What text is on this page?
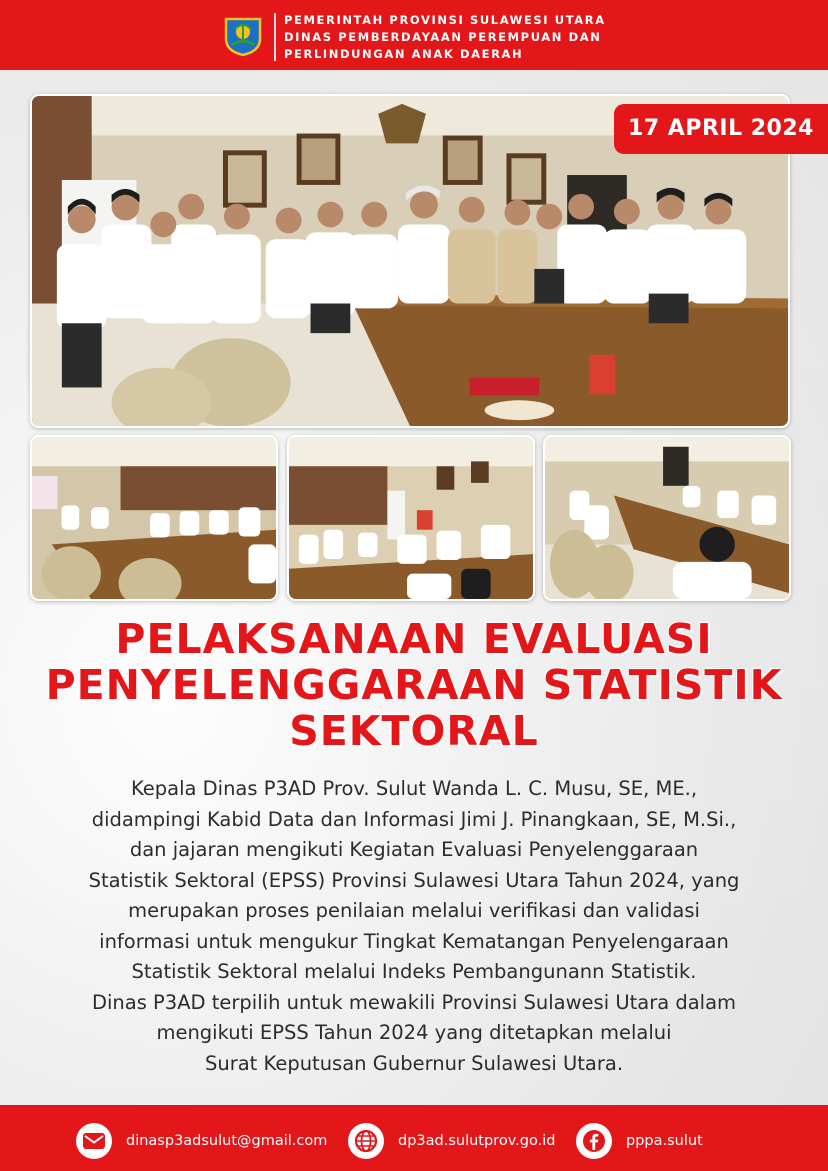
PEMERINTAH PROVINSI SULAWESI UTARA
DINAS PEMBERDAYAAN PEREMPUAN DAN
PERLINDUNGAN ANAK DAERAH
17 APRIL 2024
PELAKSANAAN EVALUASI
PENYELENGGARAAN STATISTIK
SEKTORAL
Kepala Dinas P3AD Prov. Sulut Wanda L. C. Musu, SE, ME.,
didampingi Kabid Data dan Informasi Jimi J. Pinangkaan, SE, M.Si.,
dan jajaran mengikuti Kegiatan Evaluasi Penyelenggaraan
Statistik Sektoral (EPSS) Provinsi Sulawesi Utara Tahun 2024, yang
merupakan proses penilaian melalui verifikasi dan validasi
informasi untuk mengukur Tingkat Kematangan Penyelengaraan
Statistik Sektoral melalui Indeks Pembangunann Statistik.
Dinas P3AD terpilih untuk mewakili Provinsi Sulawesi Utara dalam
mengikuti EPSS Tahun 2024 yang ditetapkan melalui
Surat Keputusan Gubernur Sulawesi Utara.
dinasp3adsulut@gmail.com	dp3ad.sulutprov.go.id	pppa.sulut
